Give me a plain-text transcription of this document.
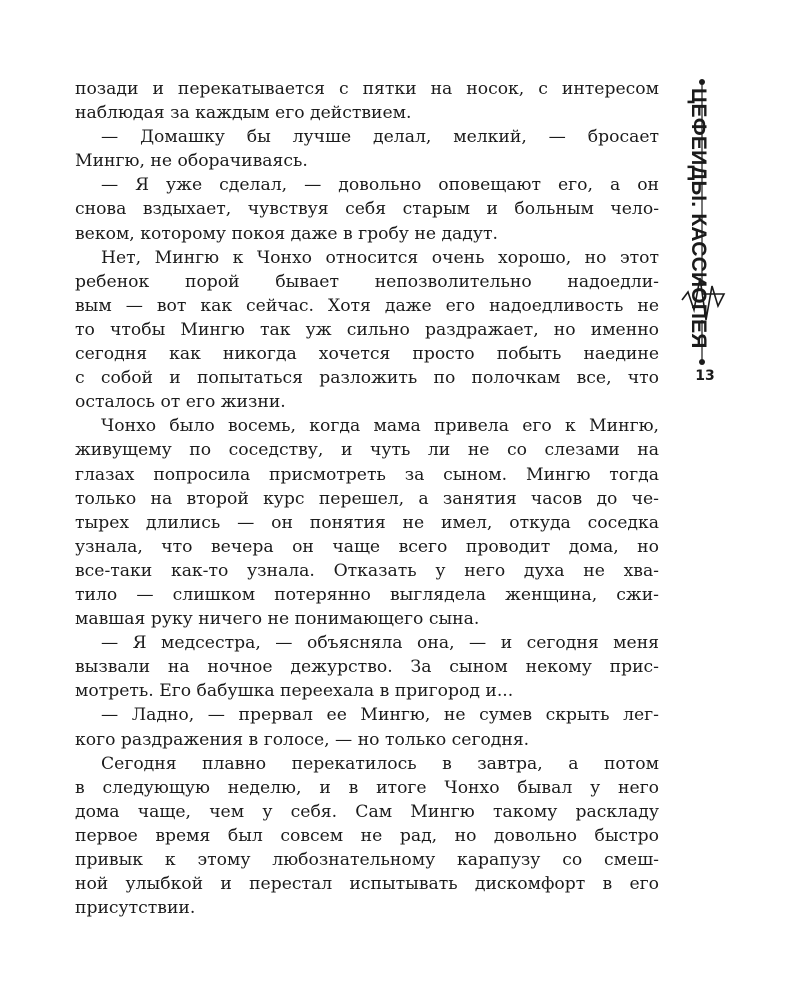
позади и перекатывается с пятки на носок, с интересом
наблюдая за каждым его действием.
— Домашку бы лучше делал, мелкий, — бросает
Мингю, не оборачиваясь.
— Я уже сделал, — довольно оповещают его, а он
снова вздыхает, чувствуя себя старым и больным чело-
веком, которому покоя даже в гробу не дадут.
Нет, Мингю к Чонхо относится очень хорошо, но этот
ребенок порой бывает непозволительно надоедли-
вым — вот как сейчас. Хотя даже его надоедливость не
то чтобы Мингю так уж сильно раздражает, но именно
сегодня как никогда хочется просто побыть наедине
с собой и попытаться разложить по полочкам все, что
осталось от его жизни.
Чонхо было восемь, когда мама привела его к Мингю,
живущему по соседству, и чуть ли не со слезами на
глазах попросила присмотреть за сыном. Мингю тогда
только на второй курс перешел, а занятия часов до че-
тырех длились — он понятия не имел, откуда соседка
узнала, что вечера он чаще всего проводит дома, но
все-таки как-то узнала. Отказать у него духа не хва-
тило — слишком потерянно выглядела женщина, сжи-
мавшая руку ничего не понимающего сына.
— Я медсестра, — объясняла она, — и сегодня меня
вызвали на ночное дежурство. За сыном некому прис-
мотреть. Его бабушка переехала в пригород и...
— Ладно, — прервал ее Мингю, не сумев скрыть лег-
кого раздражения в голосе, — но только сегодня.
Сегодня плавно перекатилось в завтра, а потом
в следующую неделю, и в итоге Чонхо бывал у него
дома чаще, чем у себя. Сам Мингю такому раскладу
первое время был совсем не рад, но довольно быстро
привык к этому любознательному карапузу со смеш-
ной улыбкой и перестал испытывать дискомфорт в его
присутствии.
ЦЕФЕИДЫ. КАССИОПЕЯ
13
